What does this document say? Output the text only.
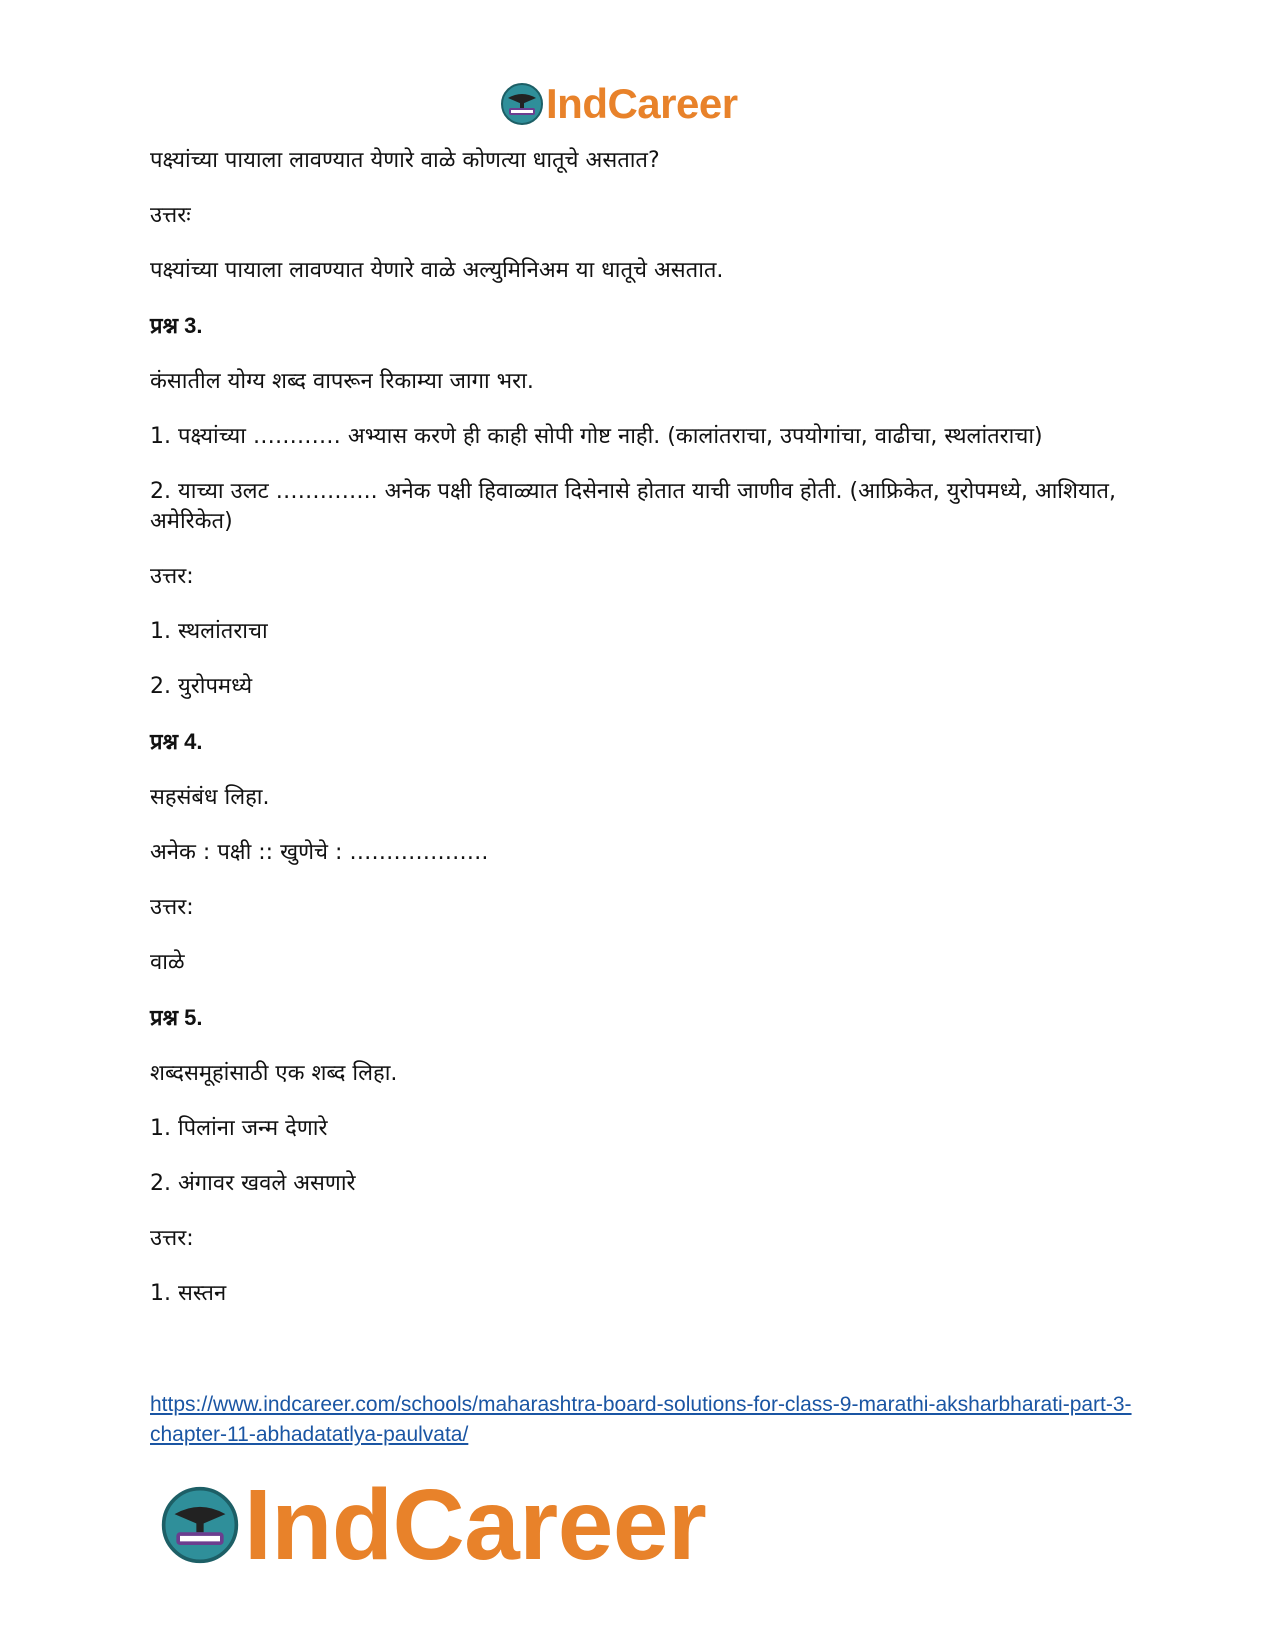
IndCareer

पक्ष्यांच्या पायाला लावण्यात येणारे वाळे कोणत्या धातूचे असतात?

उत्तरः

पक्ष्यांच्या पायाला लावण्यात येणारे वाळे अल्युमिनिअम या धातूचे असतात.

प्रश्न 3.

कंसातील योग्य शब्द वापरून रिकाम्या जागा भरा.

1. पक्ष्यांच्या ………… अभ्यास करणे ही काही सोपी गोष्ट नाही. (कालांतराचा, उपयोगांचा, वाढीचा, स्थलांतराचा)

2. याच्या उलट ………….. अनेक पक्षी हिवाळ्यात दिसेनासे होतात याची जाणीव होती. (आफ्रिकेत, युरोपमध्ये, आशियात, अमेरिकेत)

उत्तर:

1. स्थलांतराचा

2. युरोपमध्ये

प्रश्न 4.

सहसंबंध लिहा.

अनेक : पक्षी :: खुणेचे : ……………….

उत्तर:

वाळे

प्रश्न 5.

शब्दसमूहांसाठी एक शब्द लिहा.

1. पिलांना जन्म देणारे

2. अंगावर खवले असणारे

उत्तर:

1. सस्तन

https://www.indcareer.com/schools/maharashtra-board-solutions-for-class-9-marathi-aksharbharati-part-3-chapter-11-abhadatatlya-paulvata/
IndCareer
